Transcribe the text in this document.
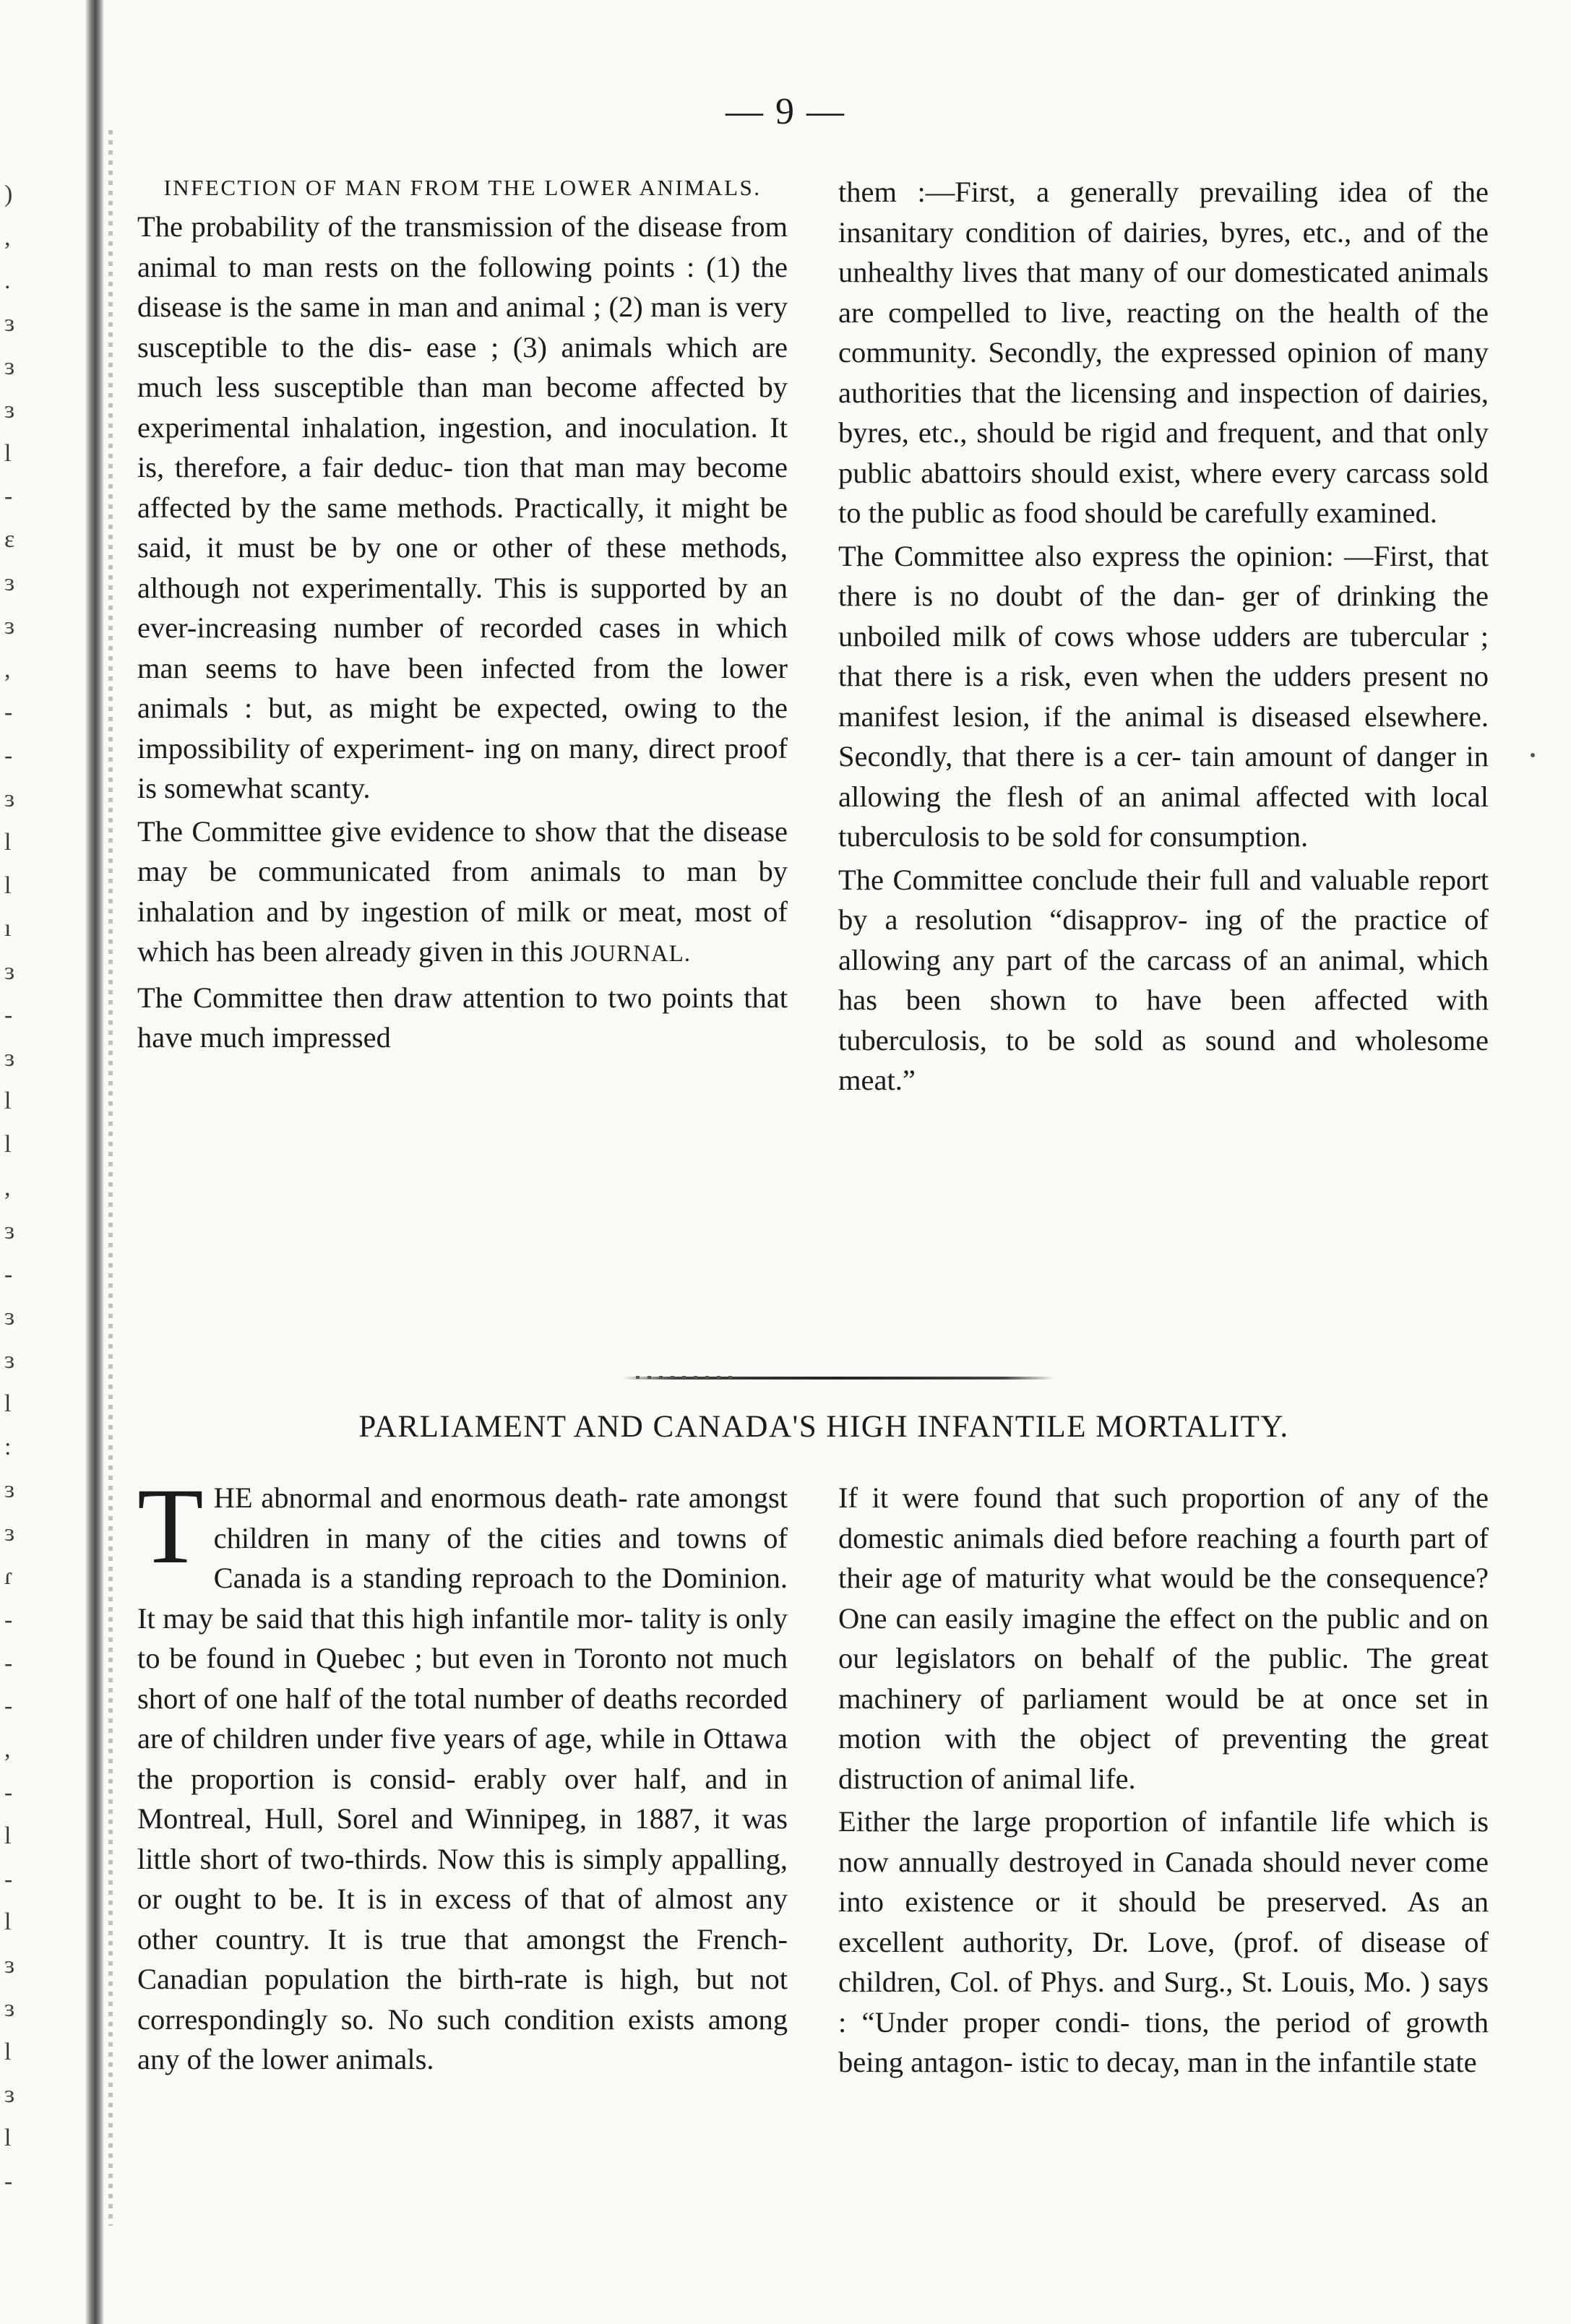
)
,
.
ɜ
ɜ
ɜ
l
-
ɛ
ɜ
ɜ
,
-
-
ɜ
l
l
ı
ɜ
-
ɜ
l
l
,
ɜ
-
ɜ
ɜ
l
:
ɜ
ɜ
ɾ
-
-
-
,
-
l
-
l
ɜ
ɜ
l
ɜ
l
-
— 9 —

INFECTION OF MAN FROM THE LOWER ANIMALS.

The probability of the transmission of the disease from animal to man rests on the following points : (1) the disease is the same in man and animal ; (2) man is very susceptible to the dis- ease ; (3) animals which are much less susceptible than man become affected by experimental inhalation, ingestion, and inoculation. It is, therefore, a fair deduc- tion that man may become affected by the same methods. Practically, it might be said, it must be by one or other of these methods, although not experimentally. This is supported by an ever-increasing number of recorded cases in which man seems to have been infected from the lower animals : but, as might be expected, owing to the impossibility of experiment- ing on many, direct proof is somewhat scanty.

The Committee give evidence to show that the disease may be communicated from animals to man by inhalation and by ingestion of milk or meat, most of which has been already given in this JOURNAL.

The Committee then draw attention to two points that have much impressed

them :—First, a generally prevailing idea of the insanitary condition of dairies, byres, etc., and of the unhealthy lives that many of our domesticated animals are compelled to live, reacting on the health of the community. Secondly, the expressed opinion of many authorities that the licensing and inspection of dairies, byres, etc., should be rigid and frequent, and that only public abattoirs should exist, where every carcass sold to the public as food should be carefully examined.

The Committee also express the opinion: —First, that there is no doubt of the dan- ger of drinking the unboiled milk of cows whose udders are tubercular ; that there is a risk, even when the udders present no manifest lesion, if the animal is diseased elsewhere. Secondly, that there is a cer- tain amount of danger in allowing the flesh of an animal affected with local tuberculosis to be sold for consumption.

The Committee conclude their full and valuable report by a resolution “disapprov- ing of the practice of allowing any part of the carcass of an animal, which has been shown to have been affected with tuberculosis, to be sold as sound and wholesome meat.”

PARLIAMENT AND CANADA'S HIGH INFANTILE MORTALITY.

THE abnormal and enormous death- rate amongst children in many of the cities and towns of Canada is a standing reproach to the Dominion. It may be said that this high infantile mor- tality is only to be found in Quebec ; but even in Toronto not much short of one half of the total number of deaths recorded are of children under five years of age, while in Ottawa the proportion is consid- erably over half, and in Montreal, Hull, Sorel and Winnipeg, in 1887, it was little short of two-thirds. Now this is simply appalling, or ought to be. It is in excess of that of almost any other country. It is true that amongst the French-Canadian population the birth-rate is high, but not correspondingly so. No such condition exists among any of the lower animals.

If it were found that such proportion of any of the domestic animals died before reaching a fourth part of their age of maturity what would be the consequence? One can easily imagine the effect on the public and on our legislators on behalf of the public. The great machinery of parliament would be at once set in motion with the object of preventing the great distruction of animal life.

Either the large proportion of infantile life which is now annually destroyed in Canada should never come into existence or it should be preserved. As an excellent authority, Dr. Love, (prof. of disease of children, Col. of Phys. and Surg., St. Louis, Mo. ) says : “Under proper condi- tions, the period of growth being antagon- istic to decay, man in the infantile state
